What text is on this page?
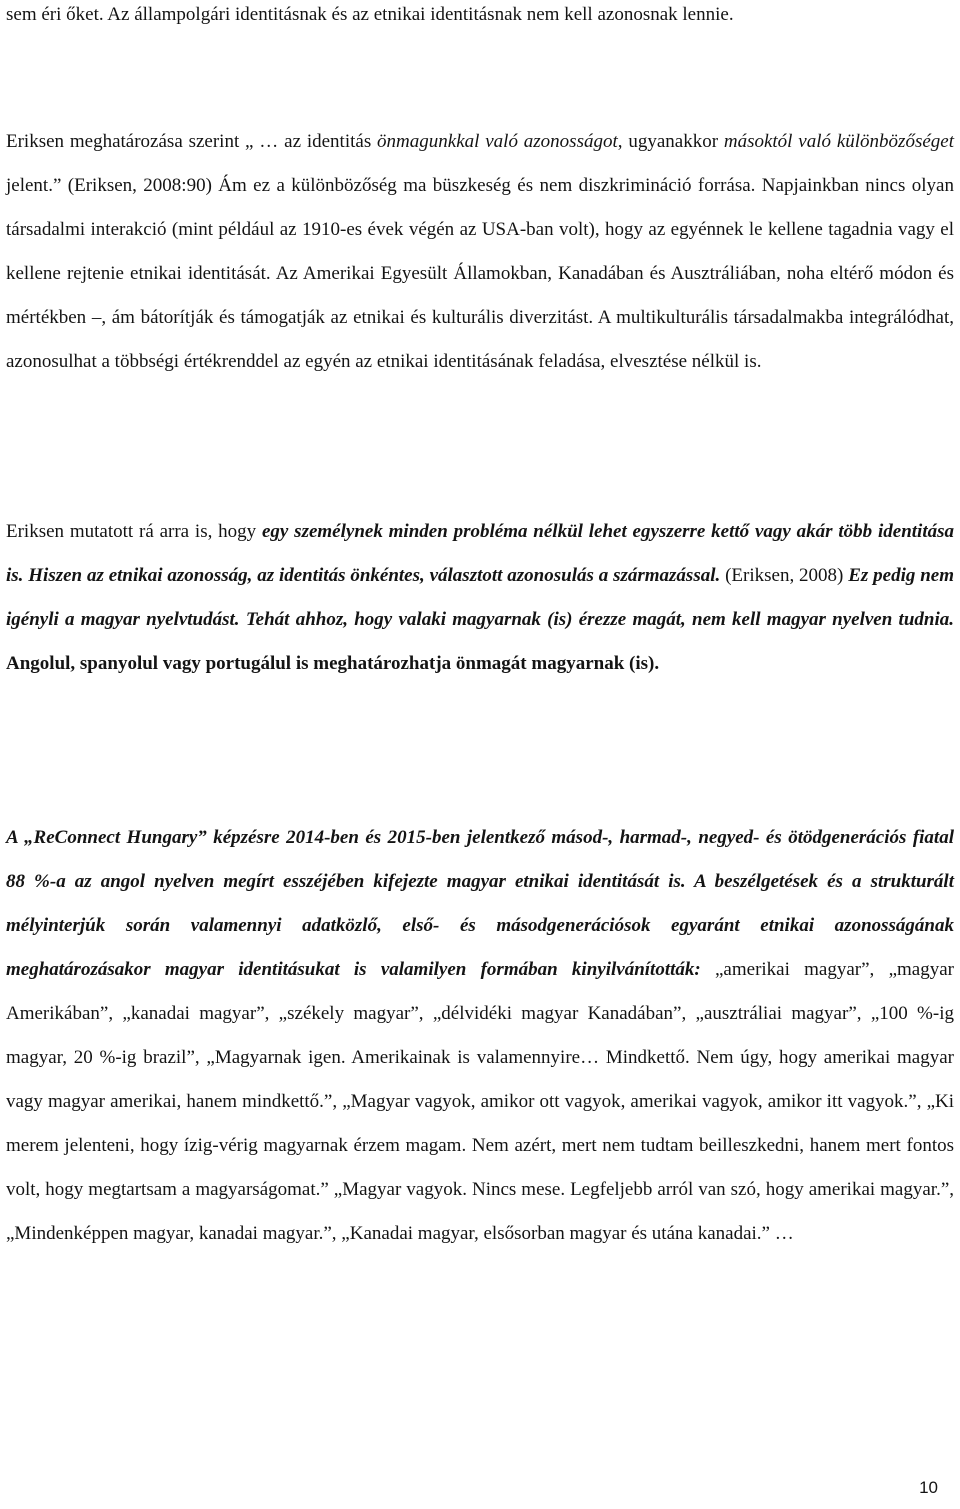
sem éri őket. Az állampolgári identitásnak és az etnikai identitásnak nem kell azonosnak lennie.

Eriksen meghatározása szerint „ … az identitás önmagunkkal való azonosságot, ugyanakkor másoktól való különbözőséget jelent.” (Eriksen, 2008:90) Ám ez a különbözőség ma büszkeség és nem diszkrimináció forrása. Napjainkban nincs olyan társadalmi interakció (mint például az 1910-es évek végén az USA-ban volt), hogy az egyénnek le kellene tagadnia vagy el kellene rejtenie etnikai identitását. Az Amerikai Egyesült Államokban, Kanadában és Ausztráliában, noha eltérő módon és mértékben –, ám bátorítják és támogatják az etnikai és kulturális diverzitást. A multikulturális társadalmakba integrálódhat, azonosulhat a többségi értékrenddel az egyén az etnikai identitásának feladása, elvesztése nélkül is.

Eriksen mutatott rá arra is, hogy egy személynek minden probléma nélkül lehet egyszerre kettő vagy akár több identitása is. Hiszen az etnikai azonosság, az identitás önkéntes, választott azonosulás a származással. (Eriksen, 2008) Ez pedig nem igényli a magyar nyelvtudást. Tehát ahhoz, hogy valaki magyarnak (is) érezze magát, nem kell magyar nyelven tudnia. Angolul, spanyolul vagy portugálul is meghatározhatja önmagát magyarnak (is).

A „ReConnect Hungary” képzésre 2014-ben és 2015-ben jelentkező másod-, harmad-, negyed- és ötödgenerációs fiatal 88 %-a az angol nyelven megírt esszéjében kifejezte magyar etnikai identitását is. A beszélgetések és a strukturált mélyinterjúk során valamennyi adatközlő, első- és másodgenerációsok egyaránt etnikai azonosságának meghatározásakor magyar identitásukat is valamilyen formában kinyilvánították: „amerikai magyar”, „magyar Amerikában”, „kanadai magyar”, „székely magyar”, „délvidéki magyar Kanadában”, „ausztráliai magyar”, „100 %-ig magyar, 20 %-ig brazil”, „Magyarnak igen. Amerikainak is valamennyire… Mindkettő. Nem úgy, hogy amerikai magyar vagy magyar amerikai, hanem mindkettő.”, „Magyar vagyok, amikor ott vagyok, amerikai vagyok, amikor itt vagyok.”, „Ki merem jelenteni, hogy ízig-vérig magyarnak érzem magam. Nem azért, mert nem tudtam beilleszkedni, hanem mert fontos volt, hogy megtartsam a magyarságomat.” „Magyar vagyok. Nincs mese. Legfeljebb arról van szó, hogy amerikai magyar.”, „Mindenképpen magyar, kanadai magyar.”, „Kanadai magyar, elsősorban magyar és utána kanadai.” …

10
